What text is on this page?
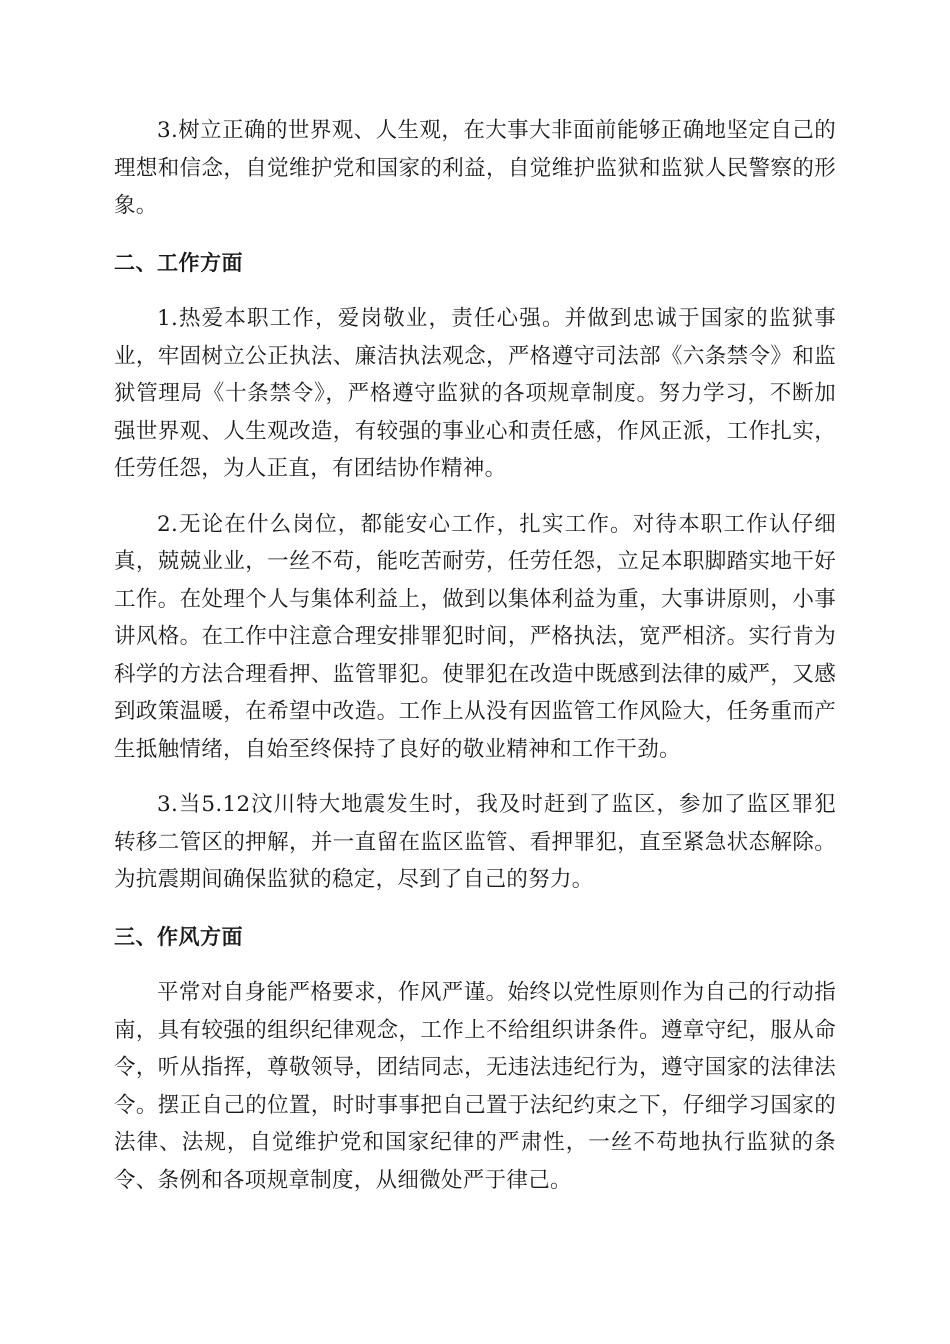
3.树立正确的世界观、人生观，在大事大非面前能够正确地坚定自己的理想和信念，自觉维护党和国家的利益，自觉维护监狱和监狱人民警察的形象。

二、工作方面

1.热爱本职工作，爱岗敬业，责任心强。并做到忠诚于国家的监狱事业，牢固树立公正执法、廉洁执法观念，严格遵守司法部《六条禁令》和监狱管理局《十条禁令》，严格遵守监狱的各项规章制度。努力学习，不断加强世界观、人生观改造，有较强的事业心和责任感，作风正派，工作扎实，任劳任怨，为人正直，有团结协作精神。

2.无论在什么岗位，都能安心工作，扎实工作。对待本职工作认仔细真，兢兢业业，一丝不苟，能吃苦耐劳，任劳任怨，立足本职脚踏实地干好工作。在处理个人与集体利益上，做到以集体利益为重，大事讲原则，小事讲风格。在工作中注意合理安排罪犯时间，严格执法，宽严相济。实行肯为科学的方法合理看押、监管罪犯。使罪犯在改造中既感到法律的威严，又感到政策温暖，在希望中改造。工作上从没有因监管工作风险大，任务重而产生抵触情绪，自始至终保持了良好的敬业精神和工作干劲。

3.当5.12汶川特大地震发生时，我及时赶到了监区，参加了监区罪犯转移二管区的押解，并一直留在监区监管、看押罪犯，直至紧急状态解除。为抗震期间确保监狱的稳定，尽到了自己的努力。

三、作风方面

平常对自身能严格要求，作风严谨。始终以党性原则作为自己的行动指南，具有较强的组织纪律观念，工作上不给组织讲条件。遵章守纪，服从命令，听从指挥，尊敬领导，团结同志，无违法违纪行为，遵守国家的法律法令。摆正自己的位置，时时事事把自己置于法纪约束之下，仔细学习国家的法律、法规，自觉维护党和国家纪律的严肃性，一丝不苟地执行监狱的条令、条例和各项规章制度，从细微处严于律己。
